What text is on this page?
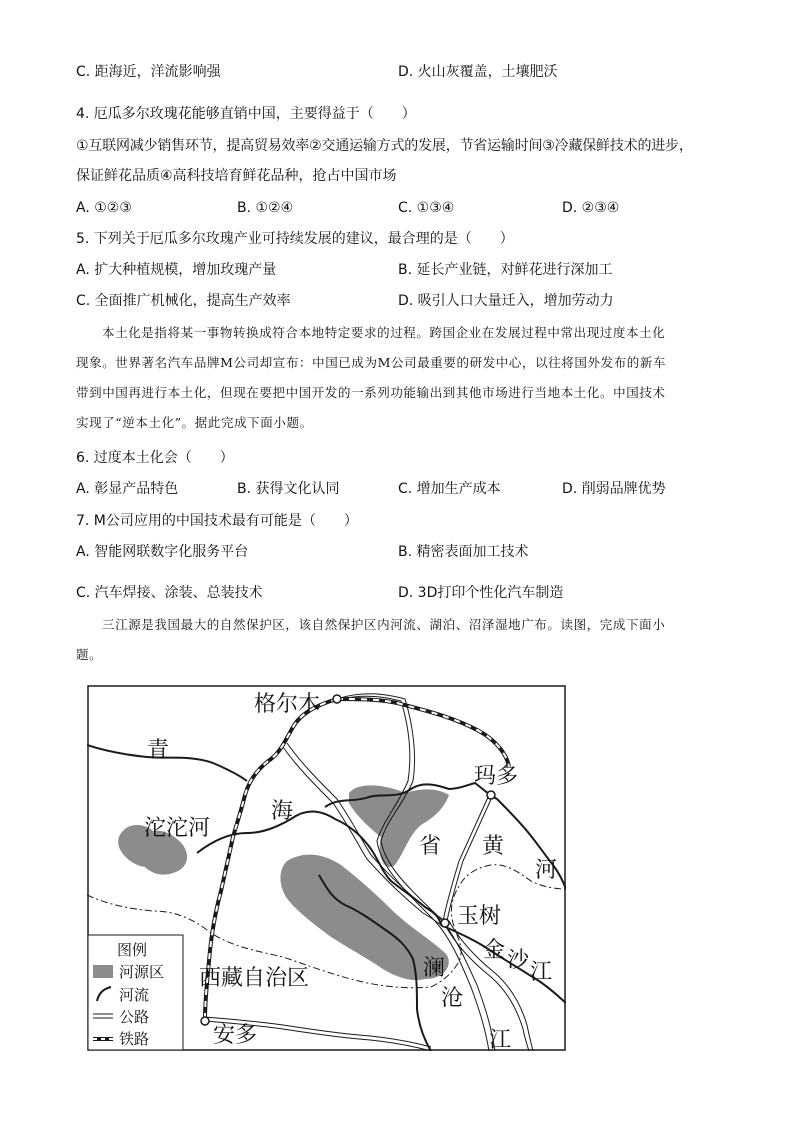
C. 距海近，洋流影响强	D. 火山灰覆盖，土壤肥沃
4. 厄瓜多尔玫瑰花能够直销中国，主要得益于（　　）
①互联网减少销售环节，提高贸易效率②交通运输方式的发展，节省运输时间③冷藏保鲜技术的进步，
保证鲜花品质④高科技培育鲜花品种，抢占中国市场
A. ①②③	B. ①②④	C. ①③④	D. ②③④
5. 下列关于厄瓜多尔玫瑰产业可持续发展的建议，最合理的是（　　）
A. 扩大种植规模，增加玫瑰产量	B. 延长产业链，对鲜花进行深加工
C. 全面推广机械化，提高生产效率	D. 吸引人口大量迁入，增加劳动力
本土化是指将某一事物转换成符合本地特定要求的过程。跨国企业在发展过程中常出现过度本土化
现象。世界著名汽车品牌M公司却宣布：中国已成为M公司最重要的研发中心，以往将国外发布的新车
带到中国再进行本土化，但现在要把中国开发的一系列功能输出到其他市场进行当地本土化。中国技术
实现了“逆本土化”。据此完成下面小题。
6. 过度本土化会（　　）
A. 彰显产品特色	B. 获得文化认同	C. 增加生产成本	D. 削弱品牌优势
7. M公司应用的中国技术最有可能是（　　）
A. 智能网联数字化服务平台	B. 精密表面加工技术
C. 汽车焊接、涂装、总装技术	D. 3D打印个性化汽车制造
三江源是我国最大的自然保护区，该自然保护区内河流、湖泊、沼泽湿地广布。读图，完成下面小
题。
格尔木
青
海
省
沱沱河
玛多
黄
河
玉树
金 沙 江
澜
沧
江
西藏自治区
安多
图例
河源区
河流
公路
铁路
